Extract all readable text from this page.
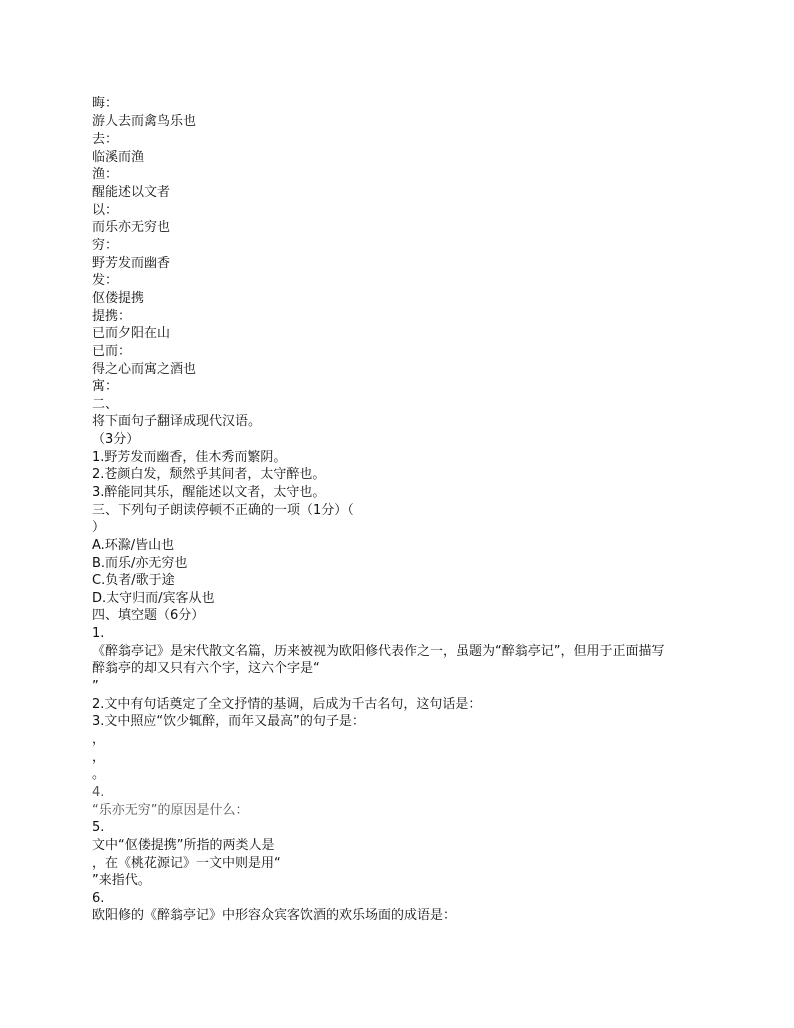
晦：
游人去而禽鸟乐也
去：
临溪而渔
渔：
醒能述以文者
以：
而乐亦无穷也
穷：
野芳发而幽香
发：
伛偻提携
提携：
已而夕阳在山
已而：
得之心而寓之酒也
寓：
二、
将下面句子翻译成现代汉语。
（3分）
1.野芳发而幽香，佳木秀而繁阴。
2.苍颜白发，颓然乎其间者，太守醉也。
3.醉能同其乐，醒能述以文者，太守也。
三、下列句子朗读停顿不正确的一项（1分）（
）
A.环滁/皆山也
B.而乐/亦无穷也
C.负者/歌于途
D.太守归而/宾客从也
四、填空题（6分）
1.
《醉翁亭记》是宋代散文名篇，历来被视为欧阳修代表作之一，虽题为“醉翁亭记”，但用于正面描写
醉翁亭的却又只有六个字，这六个字是“
”
2.文中有句话奠定了全文抒情的基调，后成为千古名句，这句话是：
3.文中照应“饮少辄醉，而年又最高”的句子是：
，
，
。
4.
“乐亦无穷”的原因是什么：
5.
文中“伛偻提携”所指的两类人是
，在《桃花源记》一文中则是用“
”来指代。
6.
欧阳修的《醉翁亭记》中形容众宾客饮酒的欢乐场面的成语是：
